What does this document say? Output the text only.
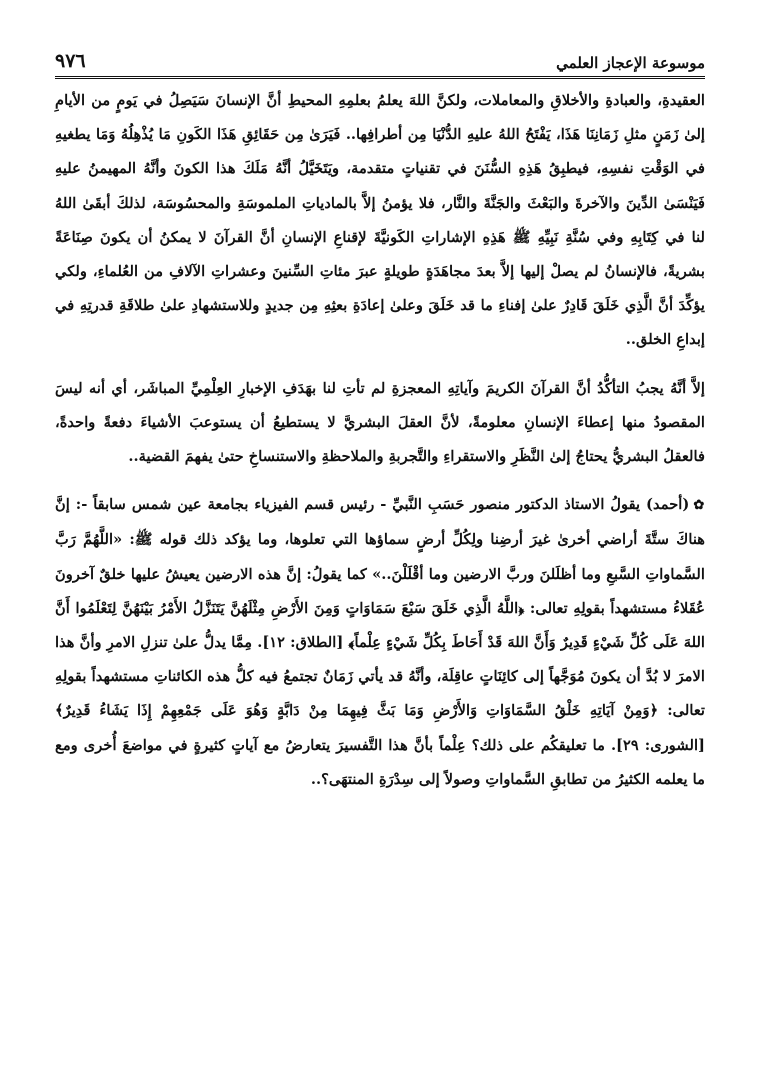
٩٧٦	موسوعة الإعجاز العلمي

العقيدةِ، والعبادةِ والأخلاقِ والمعاملات، ولكنَّ اللهَ يعلمُ بعلمِهِ المحيطِ أنَّ الإنسانَ سَيَصِلُ في يَومٍ من الأيامِ إلىٰ زَمَنٍ مثلِ زَمَانِنَا هَذَا، يَفْتَحُ اللهُ عليهِ الدُّنْيَا مِن أطرافِها.. فَيَرَىٰ مِن حَقَائِقِ هَذَا الكَونِ مَا يُذْهِلُهُ وَمَا يطغيهِ في الوَقْتِ نفسِهِ، فيطبِقُ هَذِهِ السُّنَنَ في تقنياتٍ متقدمة، ويَتَخَيَّلُ أنَّهُ مَلَكَ هذا الكونَ وأنَّهُ المهيمنُ عليهِ فَيَنْسَىٰ الدِّينَ والآخرةَ والبَعْثَ والجَنَّةَ والنَّار، فلا يؤمنُ إلاَّ بالمادياتِ الملموسَةِ والمحسُوسَة، لذلكَ أبقَىٰ اللهُ لنا في كِتَابِهِ وفي سُنَّةِ نَبِيِّهِ ﷺ هَذِهِ الإشاراتِ الكَونيَّةَ لإقناعِ الإنسانِ أنَّ القرآنَ لا يمكنُ أن يكونَ صِنَاعَةً بشريةً، فالإنسانُ لم يصلْ إليها إلاَّ بعدَ مجاهَدَةٍ طويلةٍ عبرَ مئاتِ السِّنينَ وعشراتِ الآلافِ من العُلماءِ، ولكي يؤكِّدَ أنَّ الَّذِي خَلَقَ قَادِرٌ علىٰ إفناءِ ما قد خَلَقَ وعلىٰ إعادَةِ بعثِهِ مِن جديدٍ وللاستشهادِ علىٰ طلاقَةِ قدرتِهِ في إبداعِ الخلق..

إلاَّ أنَّهُ يجبُ التأكُّدُ أنَّ القرآنَ الكريمَ وآياتِهِ المعجزةِ لم تأتِ لنا بهَدَفِ الإخبارِ العِلْمِيِّ المباشَر، أي أنه ليسَ المقصودُ منها إعطاءَ الإنسانِ معلومةً، لأنَّ العقلَ البشريَّ لا يستطيعُ أن يستوعبَ الأشياءَ دفعةً واحدةً، فالعقلُ البشريُّ يحتاجُ إلىٰ النَّظَرِ والاستقراءِ والتَّجربةِ والملاحظةِ والاستنساخِ حتىٰ يفهمَ القضية..

✿(أحمد) يقولُ الاستاذ الدكتور منصور حَسَبِ النَّبيِّ - رئيس قسم الفيزياء بجامعة عين شمس سابقاً -: إنَّ هناكَ ستَّةَ أراضي أخرىٰ غيرَ أرضِنا ولِكُلِّ أرضٍ سماؤها التي تعلوها، وما يؤكد ذلك قوله ﷺ: «اللَّهُمَّ رَبَّ السَّماواتِ السَّبعِ وما أظلَلنَ وربَّ الارضين وما أقْلَلْنَ..» كما يقولُ: إنَّ هذه الارضين يعيشُ عليها خلقٌ آخرونَ عُقَلاءُ مستشهداً بقولِهِ تعالى: ﴿اللَّهُ الَّذِي خَلَقَ سَبْعَ سَمَاوَاتٍ وَمِنَ الأَرْضِ مِثْلَهُنَّ يَتَنَزَّلُ الأَمْرُ بَيْنَهُنَّ لِتَعْلَمُوا أَنَّ اللهَ عَلَى كُلِّ شَيْءٍ قَدِيرٌ وَأَنَّ اللهَ قَدْ أَحَاطَ بِكُلِّ شَيْءٍ عِلْماً﴾ [الطلاق: ١٢]. مِمَّا يدلُّ علىٰ تنزلِ الامرِ وأنَّ هذا الامرَ لا بُدَّ أن يكونَ مُوَجَّهاً إلى كائِنَاتٍ عاقِلَة، وأنَّهُ قد يأتي زَمَانٌ تجتمعُ فيه كلُّ هذه الكائناتِ مستشهداً بقولِهِ تعالى: ﴿وَمِنْ آيَاتِهِ خَلْقُ السَّمَاوَاتِ وَالأَرْضِ وَمَا بَثَّ فِيهِمَا مِنْ دَابَّةٍ وَهُوَ عَلَى جَمْعِهِمْ إِذَا يَشَاءُ قَدِيرٌ﴾ [الشورى: ٢٩]. ما تعليقكُم على ذلك؟ عِلْماً بأنَّ هذا التَّفسيرَ يتعارضُ مع آياتٍ كثيرةٍ في مواضعَ أُخرى ومع ما يعلمه الكثيرُ من تطابقِ السَّماواتِ وصولاً إلى سِدْرَةِ المنتهَى؟..
